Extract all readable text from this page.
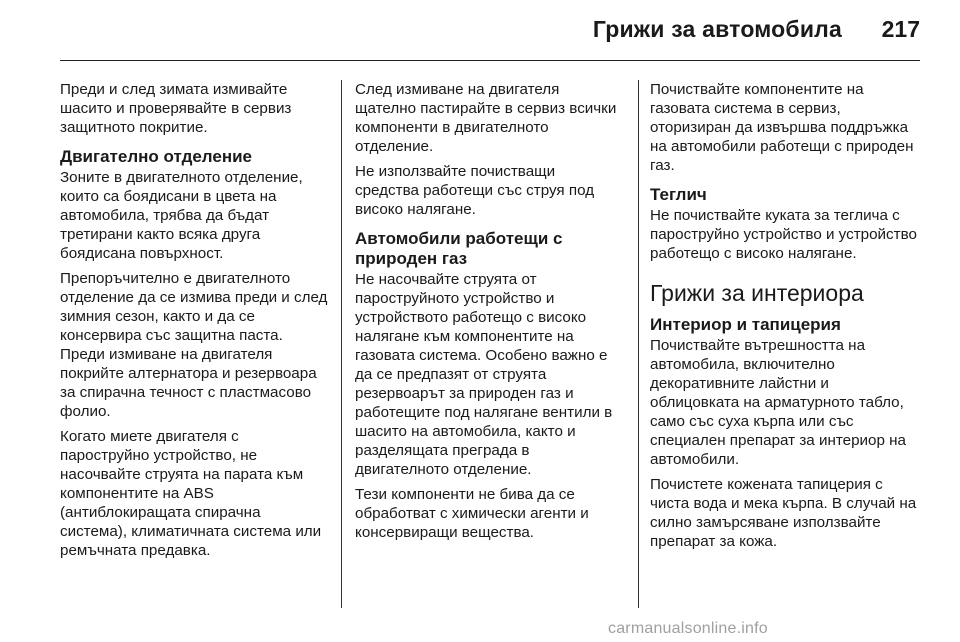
Грижи за автомобила 217

Преди и след зимата измивайте шасито и проверявайте в сервиз защитното покритие.

Двигателно отделение

Зоните в двигателното отделение, които са боядисани в цвета на автомобила, трябва да бъдат третирани както всяка друга боядисана повърхност.

Препоръчително е двигателното отделение да се измива преди и след зимния сезон, както и да се консервира със защитна паста. Преди измиване на двигателя покрийте алтернатора и резервоара за спирачна течност с пластмасово фолио.

Когато миете двигателя с пароструйно устройство, не насочвайте струята на парата към компонентите на ABS (антиблокиращата спирачна система), климатичната система или ремъчната предавка.

След измиване на двигателя щателно пастирайте в сервиз всички компоненти в двигателното отделение.

Не използвайте почистващи средства работещи със струя под високо налягане.

Автомобили работещи с природен газ

Не насочвайте струята от пароструйното устройство и устройството работещо с високо налягане към компонентите на газовата система. Особено важно е да се предпазят от струята резервоарът за природен газ и работещите под налягане вентили в шасито на автомобила, както и разделящата преграда в двигателното отделение.

Тези компоненти не бива да се обработват с химически агенти и консервиращи вещества.

Почиствайте компонентите на газовата система в сервиз, оторизиран да извършва поддръжка на автомобили работещи с природен газ.

Теглич

Не почиствайте куката за теглича с пароструйно устройство и устройство работещо с високо налягане.

Грижи за интериора
Интериор и тапицерия

Почиствайте вътрешността на автомобила, включително декоративните лайстни и облицовката на арматурното табло, само със суха кърпа или със специален препарат за интериор на автомобили.

Почистете кожената тапицерия с чиста вода и мека кърпа. В случай на силно замърсяване използвайте препарат за кожа.

carmanualsonline.info
